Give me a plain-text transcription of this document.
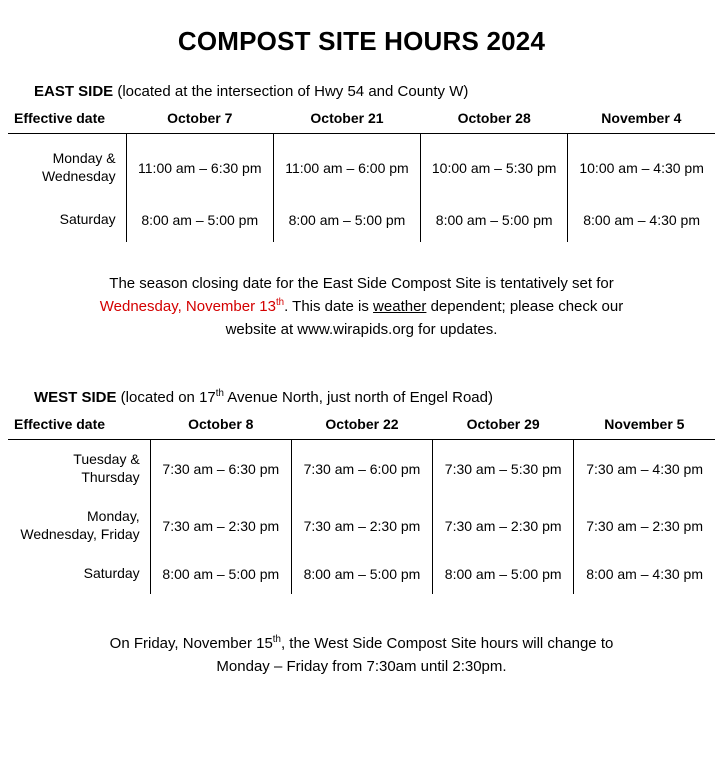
COMPOST SITE HOURS 2024
EAST SIDE (located at the intersection of Hwy 54 and County W)
Effective date	October 7	October 21	October 28	November 4
Monday & Wednesday	11:00 am – 6:30 pm	11:00 am – 6:00 pm	10:00 am – 5:30 pm	10:00 am – 4:30 pm
Saturday	8:00 am – 5:00 pm	8:00 am – 5:00 pm	8:00 am – 5:00 pm	8:00 am – 4:30 pm
The season closing date for the East Side Compost Site is tentatively set for
Wednesday, November 13th. This date is weather dependent; please check our
website at www.wirapids.org for updates.
WEST SIDE (located on 17th Avenue North, just north of Engel Road)
Effective date	October 8	October 22	October 29	November 5
Tuesday & Thursday	7:30 am – 6:30 pm	7:30 am – 6:00 pm	7:30 am – 5:30 pm	7:30 am – 4:30 pm
Monday, Wednesday, Friday	7:30 am – 2:30 pm	7:30 am – 2:30 pm	7:30 am – 2:30 pm	7:30 am – 2:30 pm
Saturday	8:00 am – 5:00 pm	8:00 am – 5:00 pm	8:00 am – 5:00 pm	8:00 am – 4:30 pm
On Friday, November 15th, the West Side Compost Site hours will change to
Monday – Friday from 7:30am until 2:30pm.
